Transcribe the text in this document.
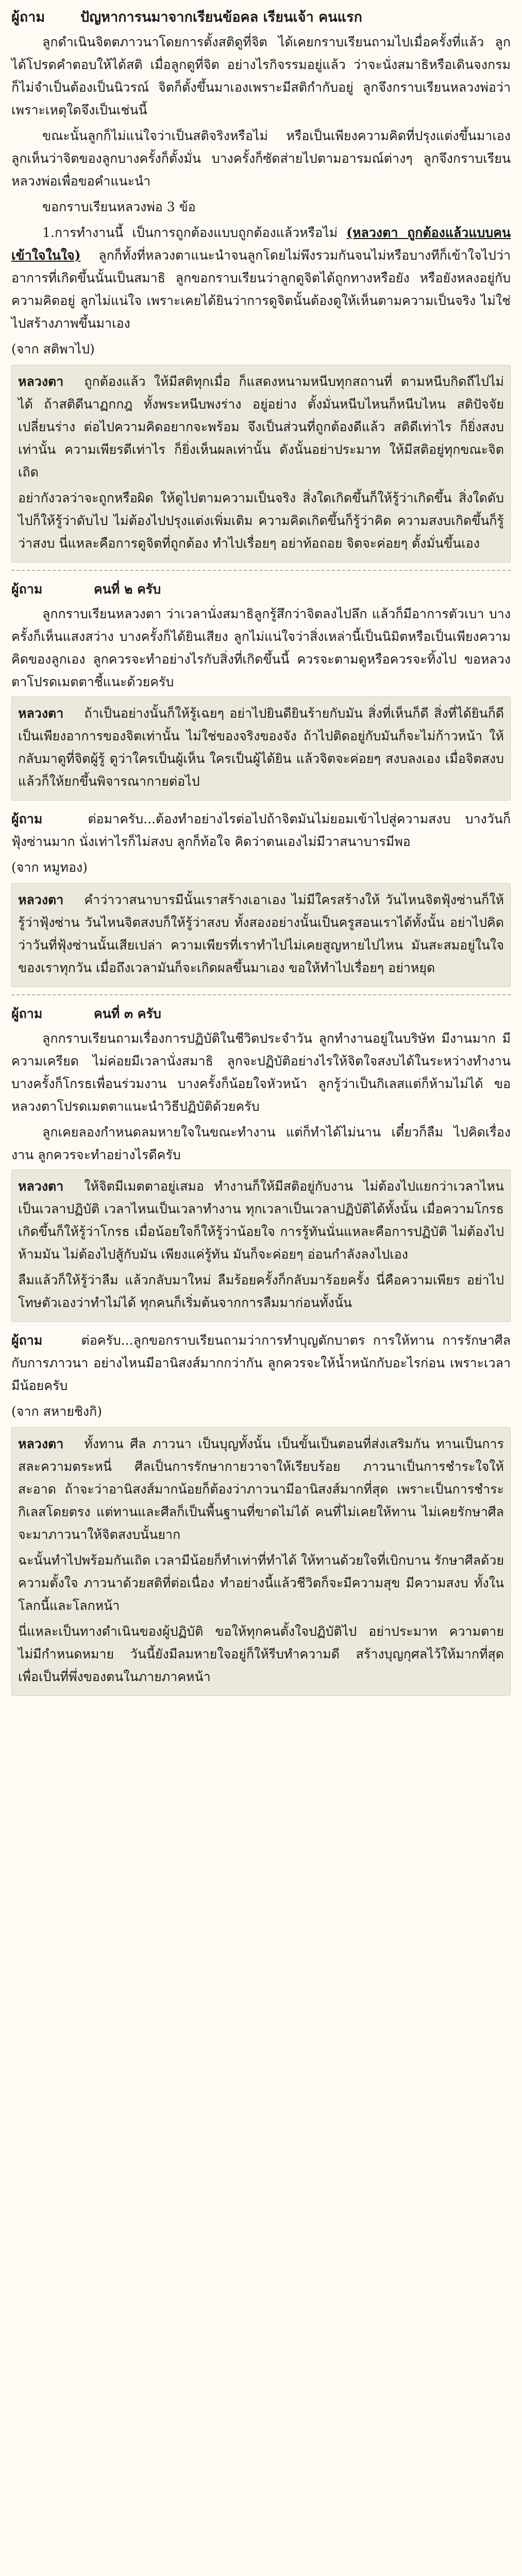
ผู้ถาม	ปัญหาการนมาจากเรียนข้อคล เรียนเจ้า คนแรก

ลูกดำเนินจิตตภาวนาโดยการตั้งสติดูที่จิต ได้เคยกราบเรียนถามไปเมื่อครั้งที่แล้ว ลูกได้โปรดคำตอบให้ได้สติ เมื่อลูกดูที่จิต อย่างไรกิจรรมอยู่แล้ว ว่าจะนั่งสมาธิหรือเดินจงกรม ก็ไม่จำเป็นต้องเป็นนิวรณ์ จิตก็ตั้งขึ้นมาเองเพราะมีสติกำกับอยู่ ลูกจึงกราบเรียนหลวงพ่อว่าเพราะเหตุใดจึงเป็นเช่นนี้

ขณะนั้นลูกก็ไม่แน่ใจว่าเป็นสติจริงหรือไม่ หรือเป็นเพียงความคิดที่ปรุงแต่งขึ้นมาเอง ลูกเห็นว่าจิตของลูกบางครั้งก็ตั้งมั่น บางครั้งก็ซัดส่ายไปตามอารมณ์ต่างๆ ลูกจึงกราบเรียนหลวงพ่อเพื่อขอคำแนะนำ

ขอกราบเรียนหลวงพ่อ 3 ข้อ

1.การทำงานนี้ เป็นการถูกต้องแบบถูกต้องแล้วหรือไม่ (หลวงตา ถูกต้องแล้วแบบคนเข้าใจในใจ) ลูกก็ทั้งที่หลวงตาแนะนำจนลูกโดยไม่พึงรวมกันจนไม่หรือบางทีก็เข้าใจไปว่าอาการที่เกิดขึ้นนั้นเป็นสมาธิ ลูกขอกราบเรียนว่าลูกดูจิตได้ถูกทางหรือยัง หรือยังหลงอยู่กับความคิดอยู่ ลูกไม่แน่ใจ เพราะเคยได้ยินว่าการดูจิตนั้นต้องดูให้เห็นตามความเป็นจริง ไม่ใช่ไปสร้างภาพขึ้นมาเอง

(จาก สติพาไป)

หลวงตา ถูกต้องแล้ว ให้มีสติทุกเมื่อ ก็แสดงหนามหนีบทุกสถานที่ ตามหนีบกิดถีไปไม่ได้ ถ้าสติดีนาฏกกฎ ทั้งพระหนีบพงร่าง อยู่อย่าง ตั้งมั่นหนีบไหนก็หนีบไหน สติปัจจัยเปลี่ยนร่าง ต่อไปความคิดอยากจะพร้อม จึงเป็นส่วนที่ถูกต้องดีแล้ว สติดีเท่าไร ก็ยิ่งสงบเท่านั้น ความเพียรดีเท่าไร ก็ยิ่งเห็นผลเท่านั้น ดังนั้นอย่าประมาท ให้มีสติอยู่ทุกขณะจิตเถิด

อย่ากังวลว่าจะถูกหรือผิด ให้ดูไปตามความเป็นจริง สิ่งใดเกิดขึ้นก็ให้รู้ว่าเกิดขึ้น สิ่งใดดับไปก็ให้รู้ว่าดับไป ไม่ต้องไปปรุงแต่งเพิ่มเติม ความคิดเกิดขึ้นก็รู้ว่าคิด ความสงบเกิดขึ้นก็รู้ว่าสงบ นี่แหละคือการดูจิตที่ถูกต้อง ทำไปเรื่อยๆ อย่าท้อถอย จิตจะค่อยๆ ตั้งมั่นขึ้นเอง

ผู้ถาม	คนที่ ๒ ครับ

ลูกกราบเรียนหลวงตา ว่าเวลานั่งสมาธิลูกรู้สึกว่าจิตลงไปลึก แล้วก็มีอาการตัวเบา บางครั้งก็เห็นแสงสว่าง บางครั้งก็ได้ยินเสียง ลูกไม่แน่ใจว่าสิ่งเหล่านี้เป็นนิมิตหรือเป็นเพียงความคิดของลูกเอง ลูกควรจะทำอย่างไรกับสิ่งที่เกิดขึ้นนี้ ควรจะตามดูหรือควรจะทิ้งไป ขอหลวงตาโปรดเมตตาชี้แนะด้วยครับ

หลวงตา ถ้าเป็นอย่างนั้นก็ให้รู้เฉยๆ อย่าไปยินดียินร้ายกับมัน สิ่งที่เห็นก็ดี สิ่งที่ได้ยินก็ดี เป็นเพียงอาการของจิตเท่านั้น ไม่ใช่ของจริงของจัง ถ้าไปติดอยู่กับมันก็จะไม่ก้าวหน้า ให้กลับมาดูที่จิตผู้รู้ ดูว่าใครเป็นผู้เห็น ใครเป็นผู้ได้ยิน แล้วจิตจะค่อยๆ สงบลงเอง เมื่อจิตสงบแล้วก็ให้ยกขึ้นพิจารณากายต่อไป

ผู้ถาม	ต่อมาครับ...ต้องทำอย่างไรต่อไปถ้าจิตมันไม่ยอมเข้าไปสู่ความสงบ บางวันก็ฟุ้งซ่านมาก นั่งเท่าไรก็ไม่สงบ ลูกก็ท้อใจ คิดว่าตนเองไม่มีวาสนาบารมีพอ

(จาก หมูทอง)

หลวงตา คำว่าวาสนาบารมีนั้นเราสร้างเอาเอง ไม่มีใครสร้างให้ วันไหนจิตฟุ้งซ่านก็ให้รู้ว่าฟุ้งซ่าน วันไหนจิตสงบก็ให้รู้ว่าสงบ ทั้งสองอย่างนั้นเป็นครูสอนเราได้ทั้งนั้น อย่าไปคิดว่าวันที่ฟุ้งซ่านนั้นเสียเปล่า ความเพียรที่เราทำไปไม่เคยสูญหายไปไหน มันสะสมอยู่ในใจของเราทุกวัน เมื่อถึงเวลามันก็จะเกิดผลขึ้นมาเอง ขอให้ทำไปเรื่อยๆ อย่าหยุด

ผู้ถาม	คนที่ ๓ ครับ

ลูกกราบเรียนถามเรื่องการปฏิบัติในชีวิตประจำวัน ลูกทำงานอยู่ในบริษัท มีงานมาก มีความเครียด ไม่ค่อยมีเวลานั่งสมาธิ ลูกจะปฏิบัติอย่างไรให้จิตใจสงบได้ในระหว่างทำงาน บางครั้งก็โกรธเพื่อนร่วมงาน บางครั้งก็น้อยใจหัวหน้า ลูกรู้ว่าเป็นกิเลสแต่ก็ห้ามไม่ได้ ขอหลวงตาโปรดเมตตาแนะนำวิธีปฏิบัติด้วยครับ

ลูกเคยลองกำหนดลมหายใจในขณะทำงาน แต่ก็ทำได้ไม่นาน เดี๋ยวก็ลืม ไปคิดเรื่องงาน ลูกควรจะทำอย่างไรดีครับ

หลวงตา ให้จิตมีเมตตาอยู่เสมอ ทำงานก็ให้มีสติอยู่กับงาน ไม่ต้องไปแยกว่าเวลาไหนเป็นเวลาปฏิบัติ เวลาไหนเป็นเวลาทำงาน ทุกเวลาเป็นเวลาปฏิบัติได้ทั้งนั้น เมื่อความโกรธเกิดขึ้นก็ให้รู้ว่าโกรธ เมื่อน้อยใจก็ให้รู้ว่าน้อยใจ การรู้ทันนั่นแหละคือการปฏิบัติ ไม่ต้องไปห้ามมัน ไม่ต้องไปสู้กับมัน เพียงแค่รู้ทัน มันก็จะค่อยๆ อ่อนกำลังลงไปเอง

ลืมแล้วก็ให้รู้ว่าลืม แล้วกลับมาใหม่ ลืมร้อยครั้งก็กลับมาร้อยครั้ง นี่คือความเพียร อย่าไปโทษตัวเองว่าทำไม่ได้ ทุกคนก็เริ่มต้นจากการลืมมาก่อนทั้งนั้น

ผู้ถาม	ต่อครับ...ลูกขอกราบเรียนถามว่าการทำบุญตักบาตร การให้ทาน การรักษาศีล กับการภาวนา อย่างไหนมีอานิสงส์มากกว่ากัน ลูกควรจะให้น้ำหนักกับอะไรก่อน เพราะเวลามีน้อยครับ

(จาก สหายชิงกิ)

หลวงตา ทั้งทาน ศีล ภาวนา เป็นบุญทั้งนั้น เป็นขั้นเป็นตอนที่ส่งเสริมกัน ทานเป็นการสละความตระหนี่ ศีลเป็นการรักษากายวาจาให้เรียบร้อย ภาวนาเป็นการชำระใจให้สะอาด ถ้าจะว่าอานิสงส์มากน้อยก็ต้องว่าภาวนามีอานิสงส์มากที่สุด เพราะเป็นการชำระกิเลสโดยตรง แต่ทานและศีลก็เป็นพื้นฐานที่ขาดไม่ได้ คนที่ไม่เคยให้ทาน ไม่เคยรักษาศีล จะมาภาวนาให้จิตสงบนั้นยาก

ฉะนั้นทำไปพร้อมกันเถิด เวลามีน้อยก็ทำเท่าที่ทำได้ ให้ทานด้วยใจที่เบิกบาน รักษาศีลด้วยความตั้งใจ ภาวนาด้วยสติที่ต่อเนื่อง ทำอย่างนี้แล้วชีวิตก็จะมีความสุข มีความสงบ ทั้งในโลกนี้และโลกหน้า

นี่แหละเป็นทางดำเนินของผู้ปฏิบัติ ขอให้ทุกคนตั้งใจปฏิบัติไป อย่าประมาท ความตายไม่มีกำหนดหมาย วันนี้ยังมีลมหายใจอยู่ก็ให้รีบทำความดี สร้างบุญกุศลไว้ให้มากที่สุด เพื่อเป็นที่พึ่งของตนในภายภาคหน้า
